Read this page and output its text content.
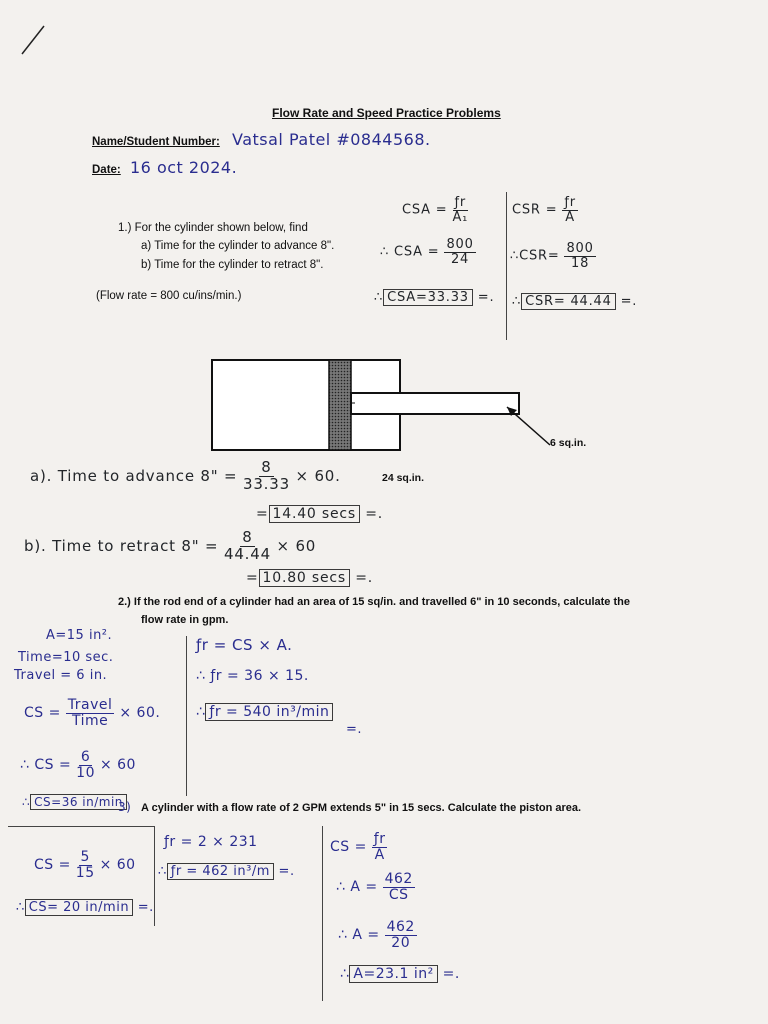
Flow Rate and Speed Practice Problems
Name/Student Number: Vatsal Patel #0844568.
Date: 16 oct 2024.
1.) For the cylinder shown below, find
a) Time for the cylinder to advance 8".
b) Time for the cylinder to retract 8".
(Flow rate = 800 cu/ins/min.)
CSA = $\frac{ƒr}{\text{A₁}}$
∴ CSA = $\frac{800}{24}$
∴ CSA=33.33 =.
CSR = $\frac{ƒr}{A}$
∴CSR= $\frac{800}{18}$
∴ CSR= 44.44 =.
6 sq.in.
24 sq.in.
a). Time to advance 8" = $\frac{8}{33.33} \times 60$.
= 14.40 secs =.
b). Time to retract 8" = $\frac{8}{44.44} \times 60$
= 10.80 secs =.
2.) If the rod end of a cylinder had an area of 15 sq/in. and travelled 6" in 10 seconds, calculate the
flow rate in gpm.
A=15 in².
Time=10 sec.
Travel = 6 in.
CS = $\frac{\text{Travel}}{\text{Time}} \times 60$.
∴ CS = $\frac{6}{10} \times 60$
∴ CS=36 in/min
ƒr = CS × A.
∴ ƒr = 36 × 15.
∴ ƒr = 540 in³/min
=.
3) A cylinder with a flow rate of 2 GPM extends 5" in 15 secs. Calculate the piston area.
CS = $\frac{5}{15} \times 60$
∴ CS= 20 in/min =.
ƒr = 2 × 231
∴ ƒr = 462 in³/m =.
CS = $\frac{ƒr}{A}$
∴ $A = \frac{462}{CS}$
∴ $A = \frac{462}{20}$
∴ A=23.1 in² =.
